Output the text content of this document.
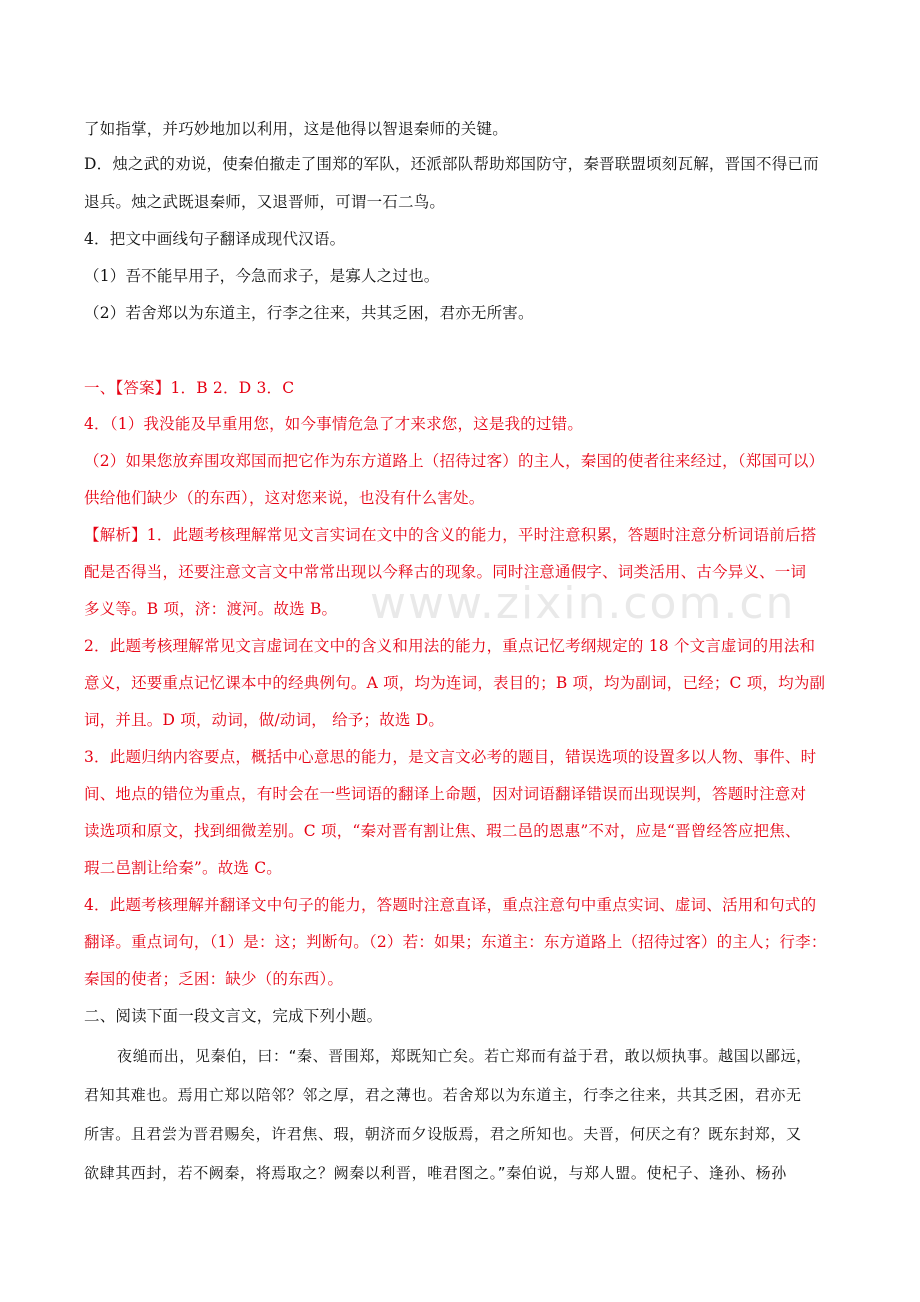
www.zixin.com.cn
了如指掌，并巧妙地加以利用，这是他得以智退秦师的关键。
D．烛之武的劝说，使秦伯撤走了围郑的军队，还派部队帮助郑国防守，秦晋联盟顷刻瓦解，晋国不得已而
退兵。烛之武既退秦师，又退晋师，可谓一石二鸟。
4．把文中画线句子翻译成现代汉语。
（1）吾不能早用子，今急而求子，是寡人之过也。
（2）若舍郑以为东道主，行李之往来，共其乏困，君亦无所害。
一、【答案】1．B 2．D 3．C
4．（1）我没能及早重用您，如今事情危急了才来求您，这是我的过错。
（2）如果您放弃围攻郑国而把它作为东方道路上（招待过客）的主人，秦国的使者往来经过，（郑国可以）
供给他们缺少（的东西），这对您来说，也没有什么害处。
【解析】1．此题考核理解常见文言实词在文中的含义的能力，平时注意积累，答题时注意分析词语前后搭
配是否得当，还要注意文言文中常常出现以今释古的现象。同时注意通假字、词类活用、古今异义、一词
多义等。B 项，济：渡河。故选 B。
2．此题考核理解常见文言虚词在文中的含义和用法的能力，重点记忆考纲规定的 18 个文言虚词的用法和
意义，还要重点记忆课本中的经典例句。A 项，均为连词，表目的；B 项，均为副词，已经；C 项，均为副
词，并且。D 项，动词，做/动词， 给予；故选 D。
3．此题归纳内容要点，概括中心意思的能力，是文言文必考的题目，错误选项的设置多以人物、事件、时
间、地点的错位为重点，有时会在一些词语的翻译上命题，因对词语翻译错误而出现误判，答题时注意对
读选项和原文，找到细微差别。C 项，“秦对晋有割让焦、瑕二邑的恩惠”不对，应是“晋曾经答应把焦、
瑕二邑割让给秦”。故选 C。
4．此题考核理解并翻译文中句子的能力，答题时注意直译，重点注意句中重点实词、虚词、活用和句式的
翻译。重点词句，（1）是：这；判断句。（2）若：如果；东道主：东方道路上（招待过客）的主人；行李：
秦国的使者；乏困：缺少（的东西）。
二、阅读下面一段文言文，完成下列小题。
夜缒而出，见秦伯，曰：“秦、晋围郑，郑既知亡矣。若亡郑而有益于君，敢以烦执事。越国以鄙远，
君知其难也。焉用亡郑以陪邻？邻之厚，君之薄也。若舍郑以为东道主，行李之往来，共其乏困，君亦无
所害。且君尝为晋君赐矣，许君焦、瑕，朝济而夕设版焉，君之所知也。夫晋，何厌之有？既东封郑，又
欲肆其西封，若不阙秦，将焉取之？阙秦以利晋，唯君图之。”秦伯说，与郑人盟。使杞子、逢孙、杨孙
